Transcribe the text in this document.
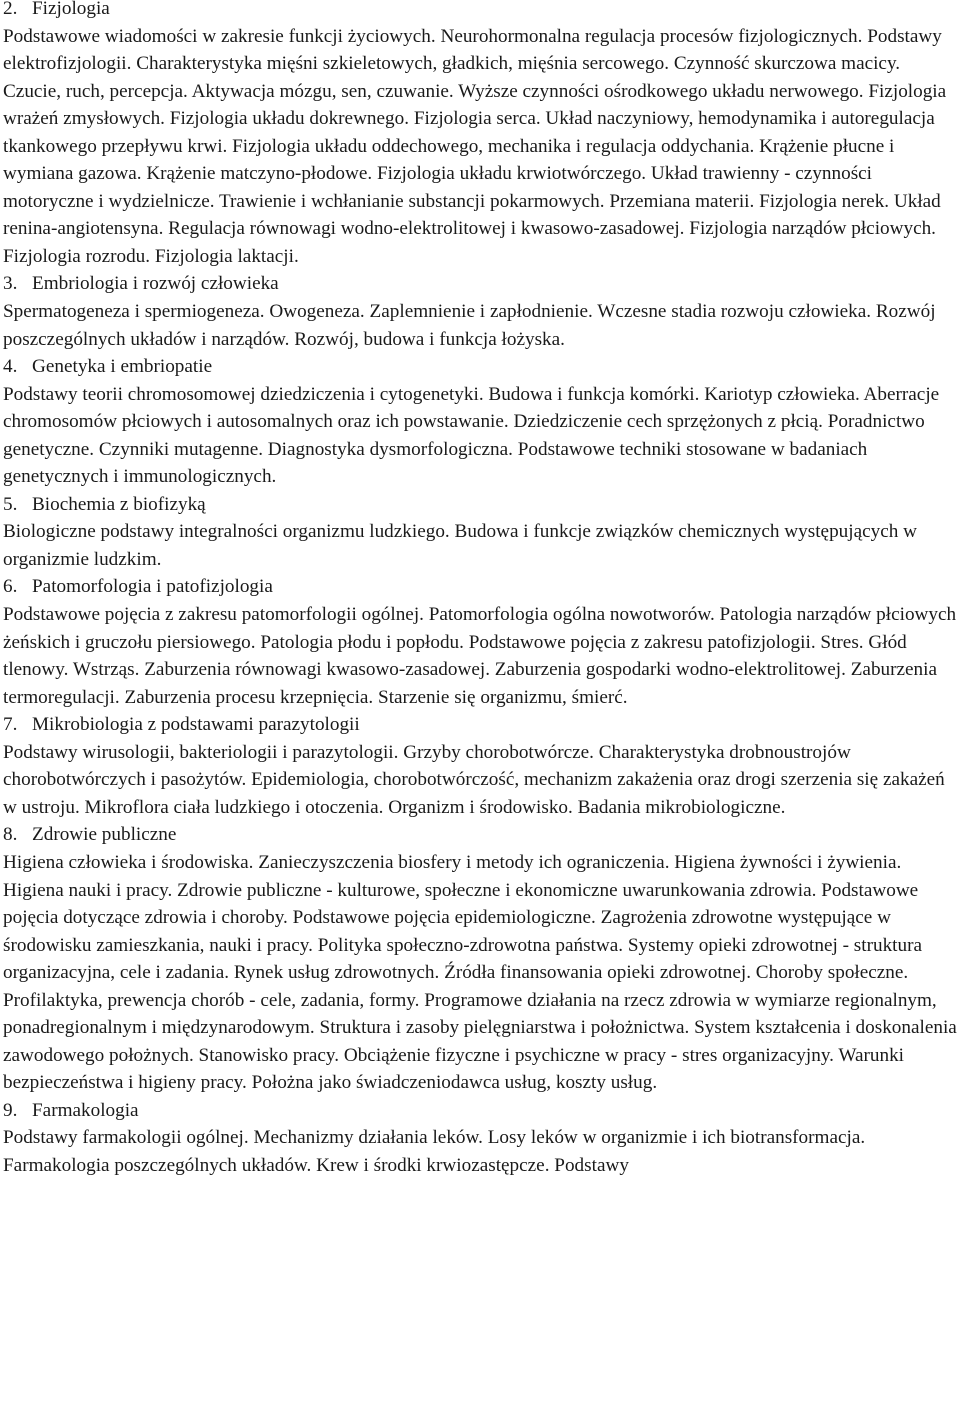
2. Fizjologia
Podstawowe wiadomości w zakresie funkcji życiowych. Neurohormonalna regulacja procesów fizjologicznych. Podstawy elektrofizjologii. Charakterystyka mięśni szkieletowych, gładkich, mięśnia sercowego. Czynność skurczowa macicy. Czucie, ruch, percepcja. Aktywacja mózgu, sen, czuwanie. Wyższe czynności ośrodkowego układu nerwowego. Fizjologia wrażeń zmysłowych. Fizjologia układu dokrewnego. Fizjologia serca. Układ naczyniowy, hemodynamika i autoregulacja tkankowego przepływu krwi. Fizjologia układu oddechowego, mechanika i regulacja oddychania. Krążenie płucne i wymiana gazowa. Krążenie matczyno-płodowe. Fizjologia układu krwiotwórczego. Układ trawienny - czynności motoryczne i wydzielnicze. Trawienie i wchłanianie substancji pokarmowych. Przemiana materii. Fizjologia nerek. Układ renina-angiotensyna. Regulacja równowagi wodno-elektrolitowej i kwasowo-zasadowej. Fizjologia narządów płciowych. Fizjologia rozrodu. Fizjologia laktacji.
3. Embriologia i rozwój człowieka
Spermatogeneza i spermiogeneza. Owogeneza. Zaplemnienie i zapłodnienie. Wczesne stadia rozwoju człowieka. Rozwój poszczególnych układów i narządów. Rozwój, budowa i funkcja łożyska.
4. Genetyka i embriopatie
Podstawy teorii chromosomowej dziedziczenia i cytogenetyki. Budowa i funkcja komórki. Kariotyp człowieka. Aberracje chromosomów płciowych i autosomalnych oraz ich powstawanie. Dziedziczenie cech sprzężonych z płcią. Poradnictwo genetyczne. Czynniki mutagenne. Diagnostyka dysmorfologiczna. Podstawowe techniki stosowane w badaniach genetycznych i immunologicznych.
5. Biochemia z biofizyką
Biologiczne podstawy integralności organizmu ludzkiego. Budowa i funkcje związków chemicznych występujących w organizmie ludzkim.
6. Patomorfologia i patofizjologia
Podstawowe pojęcia z zakresu patomorfologii ogólnej. Patomorfologia ogólna nowotworów. Patologia narządów płciowych żeńskich i gruczołu piersiowego. Patologia płodu i popłodu. Podstawowe pojęcia z zakresu patofizjologii. Stres. Głód tlenowy. Wstrząs. Zaburzenia równowagi kwasowo-zasadowej. Zaburzenia gospodarki wodno-elektrolitowej. Zaburzenia termoregulacji. Zaburzenia procesu krzepnięcia. Starzenie się organizmu, śmierć.
7. Mikrobiologia z podstawami parazytologii
Podstawy wirusologii, bakteriologii i parazytologii. Grzyby chorobotwórcze. Charakterystyka drobnoustrojów chorobotwórczych i pasożytów. Epidemiologia, chorobotwórczość, mechanizm zakażenia oraz drogi szerzenia się zakażeń w ustroju. Mikroflora ciała ludzkiego i otoczenia. Organizm i środowisko. Badania mikrobiologiczne.
8. Zdrowie publiczne
Higiena człowieka i środowiska. Zanieczyszczenia biosfery i metody ich ograniczenia. Higiena żywności i żywienia. Higiena nauki i pracy. Zdrowie publiczne - kulturowe, społeczne i ekonomiczne uwarunkowania zdrowia. Podstawowe pojęcia dotyczące zdrowia i choroby. Podstawowe pojęcia epidemiologiczne. Zagrożenia zdrowotne występujące w środowisku zamieszkania, nauki i pracy. Polityka społeczno-zdrowotna państwa. Systemy opieki zdrowotnej - struktura organizacyjna, cele i zadania. Rynek usług zdrowotnych. Źródła finansowania opieki zdrowotnej. Choroby społeczne. Profilaktyka, prewencja chorób - cele, zadania, formy. Programowe działania na rzecz zdrowia w wymiarze regionalnym, ponadregionalnym i międzynarodowym. Struktura i zasoby pielęgniarstwa i położnictwa. System kształcenia i doskonalenia zawodowego położnych. Stanowisko pracy. Obciążenie fizyczne i psychiczne w pracy - stres organizacyjny. Warunki bezpieczeństwa i higieny pracy. Położna jako świadczeniodawca usług, koszty usług.
9. Farmakologia
Podstawy farmakologii ogólnej. Mechanizmy działania leków. Losy leków w organizmie i ich biotransformacja. Farmakologia poszczególnych układów. Krew i środki krwiozastępcze. Podstawy
